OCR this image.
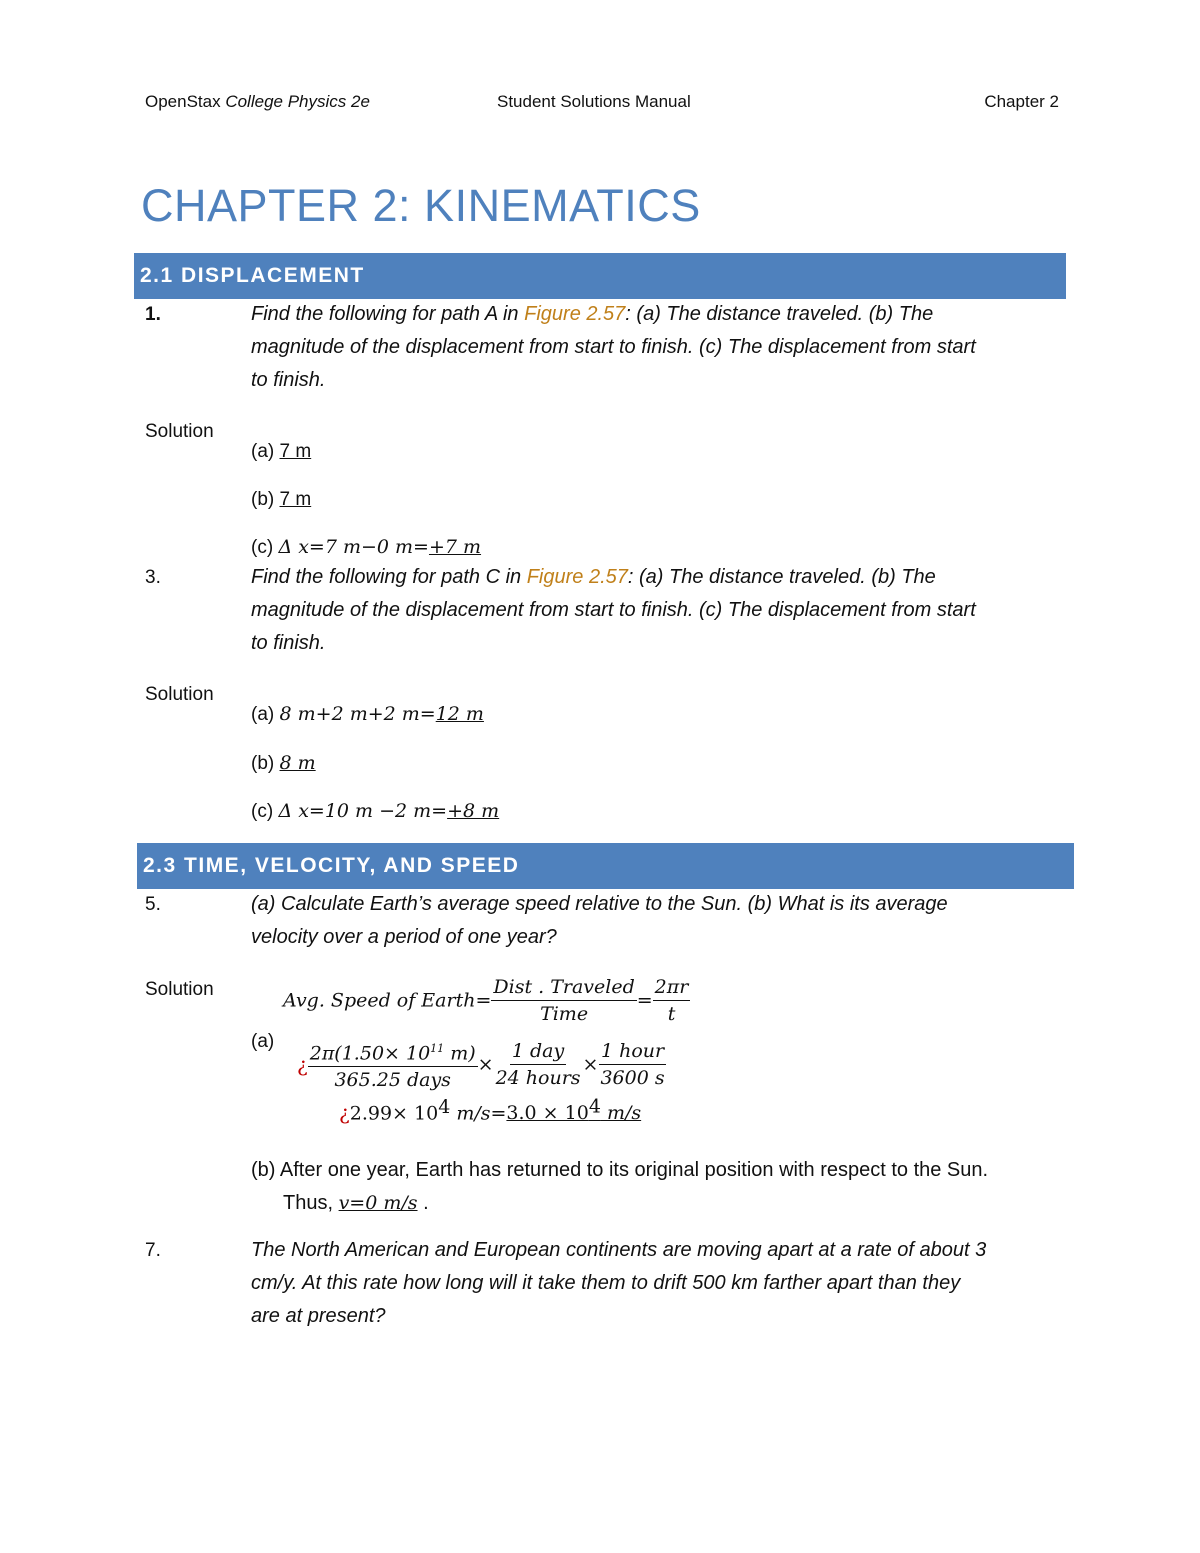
OpenStax College Physics 2e	Student Solutions Manual	Chapter 2
CHAPTER 2: KINEMATICS
2.1 DISPLACEMENT
1.	Find the following for path A in Figure 2.57: (a) The distance traveled. (b) The
magnitude of the displacement from start to finish. (c) The displacement from start
to finish.
Solution
(a) 7 m
(b) 7 m
(c) Δ x=7 m−0 m=+7 m
3.	Find the following for path C in Figure 2.57: (a) The distance traveled. (b) The
magnitude of the displacement from start to finish. (c) The displacement from start
to finish.
Solution
(a) 8 m+2 m+2 m=12 m
(b) 8 m
(c) Δ x=10 m −2 m=+8 m
2.3 TIME, VELOCITY, AND SPEED
5.	(a) Calculate Earth’s average speed relative to the Sun. (b) What is its average
velocity over a period of one year?
Solution	Avg. Speed of Earth= $\frac{\text{Dist . Traveled}}{\text{Time}} = \frac{2\pi r}{t}$
(a)
¿ $\frac{2\pi(1.50\times 10^{11} m)}{\text{365.25 days}} \times \frac{\text{1 day}}{\text{24 hours}} \times \frac{\text{1 hour}}{3600 s}$
¿$2.99\times 10^4$ $m/s=3.0 \times 10^4$ m/s
(b) After one year, Earth has returned to its original position with respect to the Sun.
Thus, v=0 m/s .
7.	The North American and European continents are moving apart at a rate of about 3
cm/y. At this rate how long will it take them to drift 500 km farther apart than they
are at present?
